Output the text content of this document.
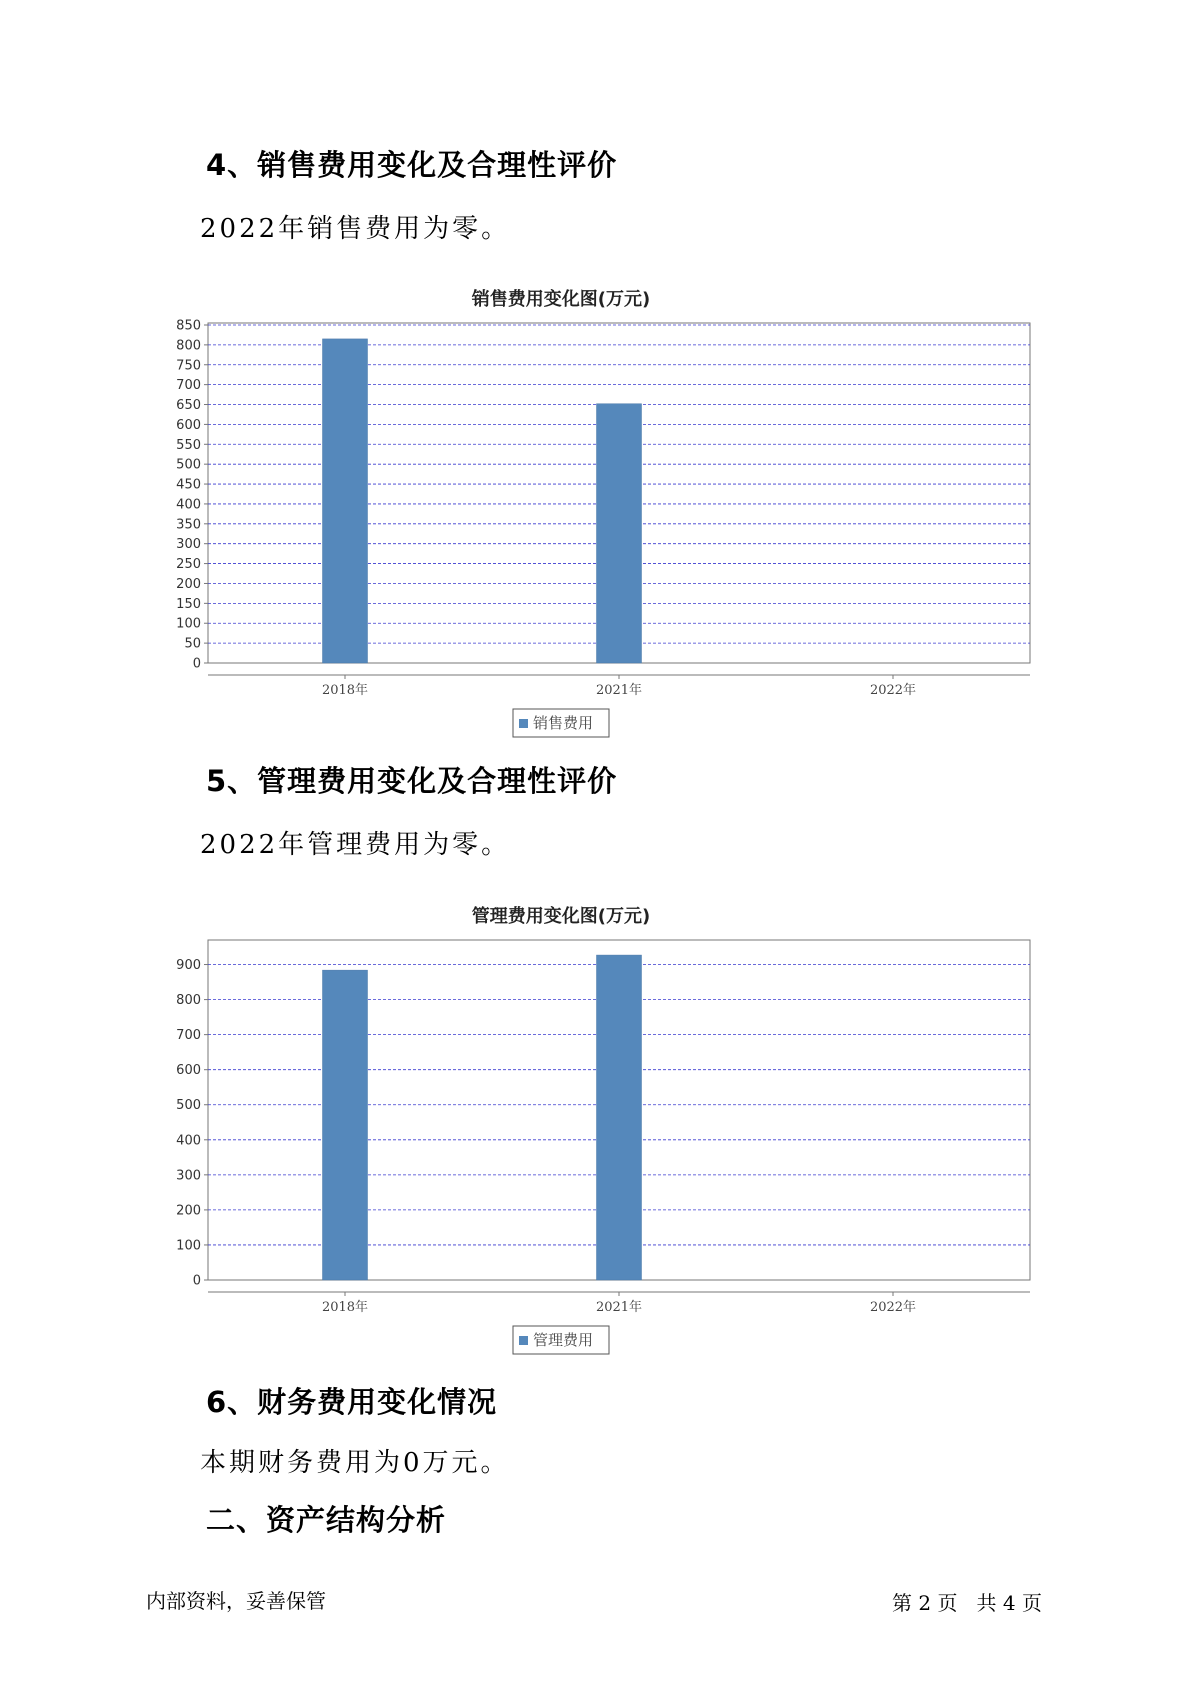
4、销售费用变化及合理性评价

2022年销售费用为零。

销售费用变化图(万元)
0
50
100
150
200
250
300
350
400
450
500
550
600
650
700
750
800
850
2018年	2021年	2022年
销售费用
5、管理费用变化及合理性评价

2022年管理费用为零。

管理费用变化图(万元)
0
100
200
300
400
500
600
700
800
900
2018年	2021年	2022年
管理费用
6、财务费用变化情况

本期财务费用为0万元。

二、资产结构分析
内部资料，妥善保管	第 2 页   共 4 页
